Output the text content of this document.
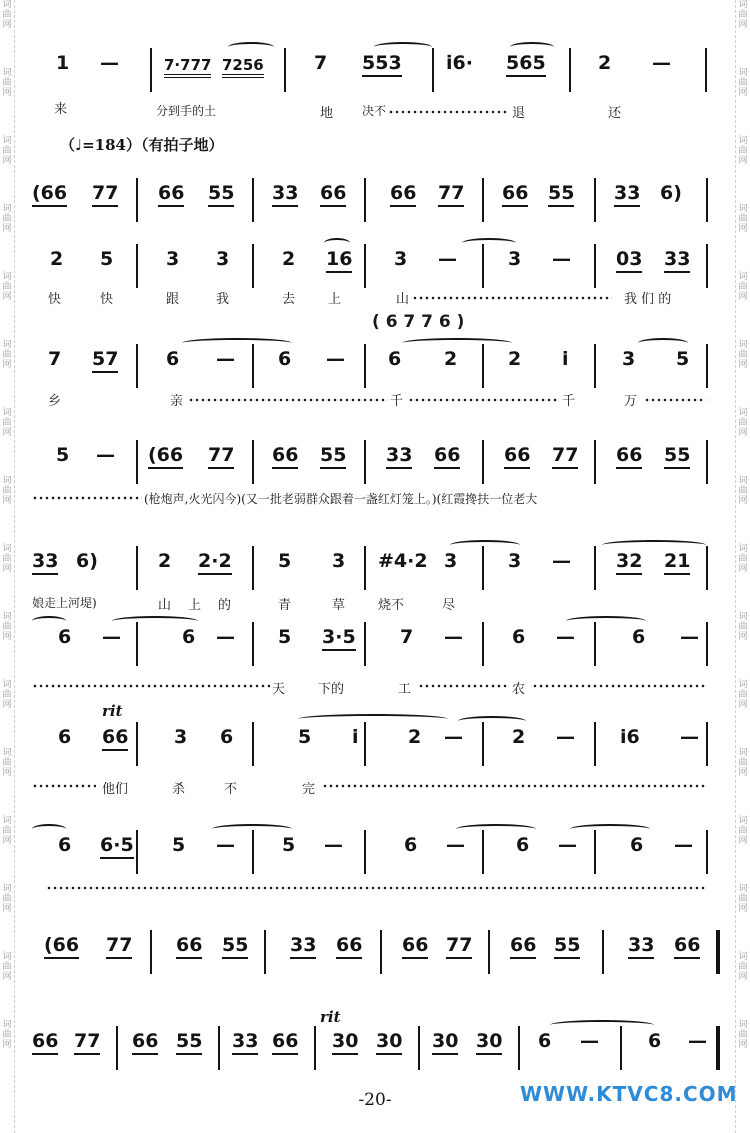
词
曲
网
词
曲
网
词
曲
网
词
曲
网
词
曲
网
词
曲
网
词
曲
网
词
曲
网
词
曲
网
词
曲
网
词
曲
网
词
曲
网
词
曲
网
词
曲
网
词
曲
网
词
曲
网
词
曲
网
词
曲
网
词
曲
网
词
曲
网
词
曲
网
词
曲
网
词
曲
网
词
曲
网
词
曲
网
词
曲
网
词
曲
网
词
曲
网
词
曲
网
词
曲
网
词
曲
网
词
曲
网
1 —	7·777 7256	7 553 i̇6· 565	2 —
来	分到手的土	地 决不	退	还
（♩=184）（有拍子地）
(66 77 66 55 33 66 66 77 66 55 33 6)
2 5	3 3	2 16 3 —	3 — 03 33
快	快	跟	我	去	上	山	我 们 的
( 6 7 7 6 )
7 57	6 — 6 — 6 2	2 i	3 5
乡	亲	千	千	万
5 — (66 77 66 55 33 66 66 77 66 55
(枪炮声,火光闪今)(又一批老弱群众跟着一盏红灯笼上。)(红霞搀扶一位老大
33 6)	2 2·2 5 3 #4·2 3	3 — 32 21
娘走上河堤)	山 上 的	青	草	烧不	尽
6 —	6 — 5 3·5 7 —	6 —	6 —
天	下的	工	农
rit
6 66 3 6	5 i	2 —	2 — i6 —
他们	杀	不	完
6 6·5 5 — 5 —	6 —	6 —	6 —
(66 77 66 55 33 66 66 77 66 55	33 66
rit
66 77 66 55 33 66 30 30 30 30 6 —	6 —
-20-	WWW.KTVC8.COM
